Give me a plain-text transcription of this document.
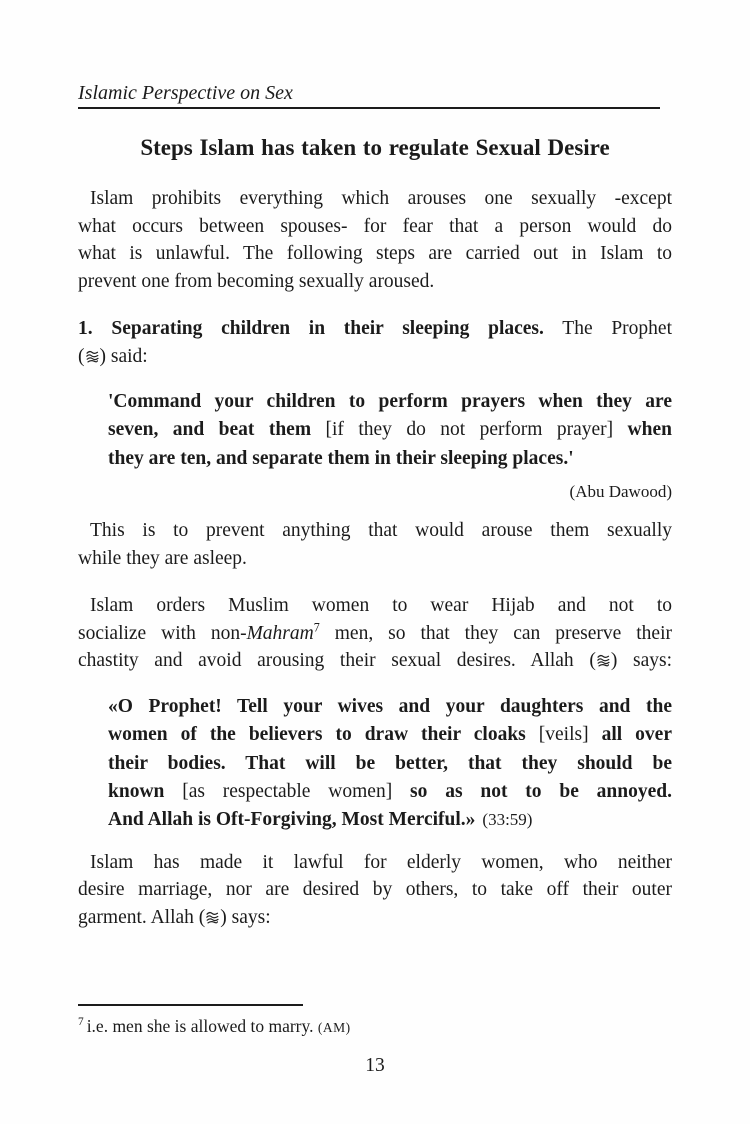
Islamic Perspective on Sex
Steps Islam has taken to regulate Sexual Desire
Islam prohibits everything which arouses one sexually -except
what occurs between spouses- for fear that a person would do
what is unlawful. The following steps are carried out in Islam to
prevent one from becoming sexually aroused.
1. Separating children in their sleeping places. The Prophet
( ) said:
'Command your children to perform prayers when they are
seven, and beat them [if they do not perform prayer] when
they are ten, and separate them in their sleeping places.'
(Abu Dawood)
This is to prevent anything that would arouse them sexually
while they are asleep.
Islam orders Muslim women to wear Hijab and not to
socialize with non-Mahram$^7$ men, so that they can preserve their
chastity and avoid arousing their sexual desires. Allah ( ) says:
«O Prophet! Tell your wives and your daughters and the
women of the believers to draw their cloaks [veils] all over
their bodies. That will be better, that they should be
known [as respectable women] so as not to be annoyed.
And Allah is Oft-Forgiving, Most Merciful.» (33:59)
Islam has made it lawful for elderly women, who neither
desire marriage, nor are desired by others, to take off their outer
garment. Allah ( ) says:
$^7$ i.e. men she is allowed to marry. (AM)
13
